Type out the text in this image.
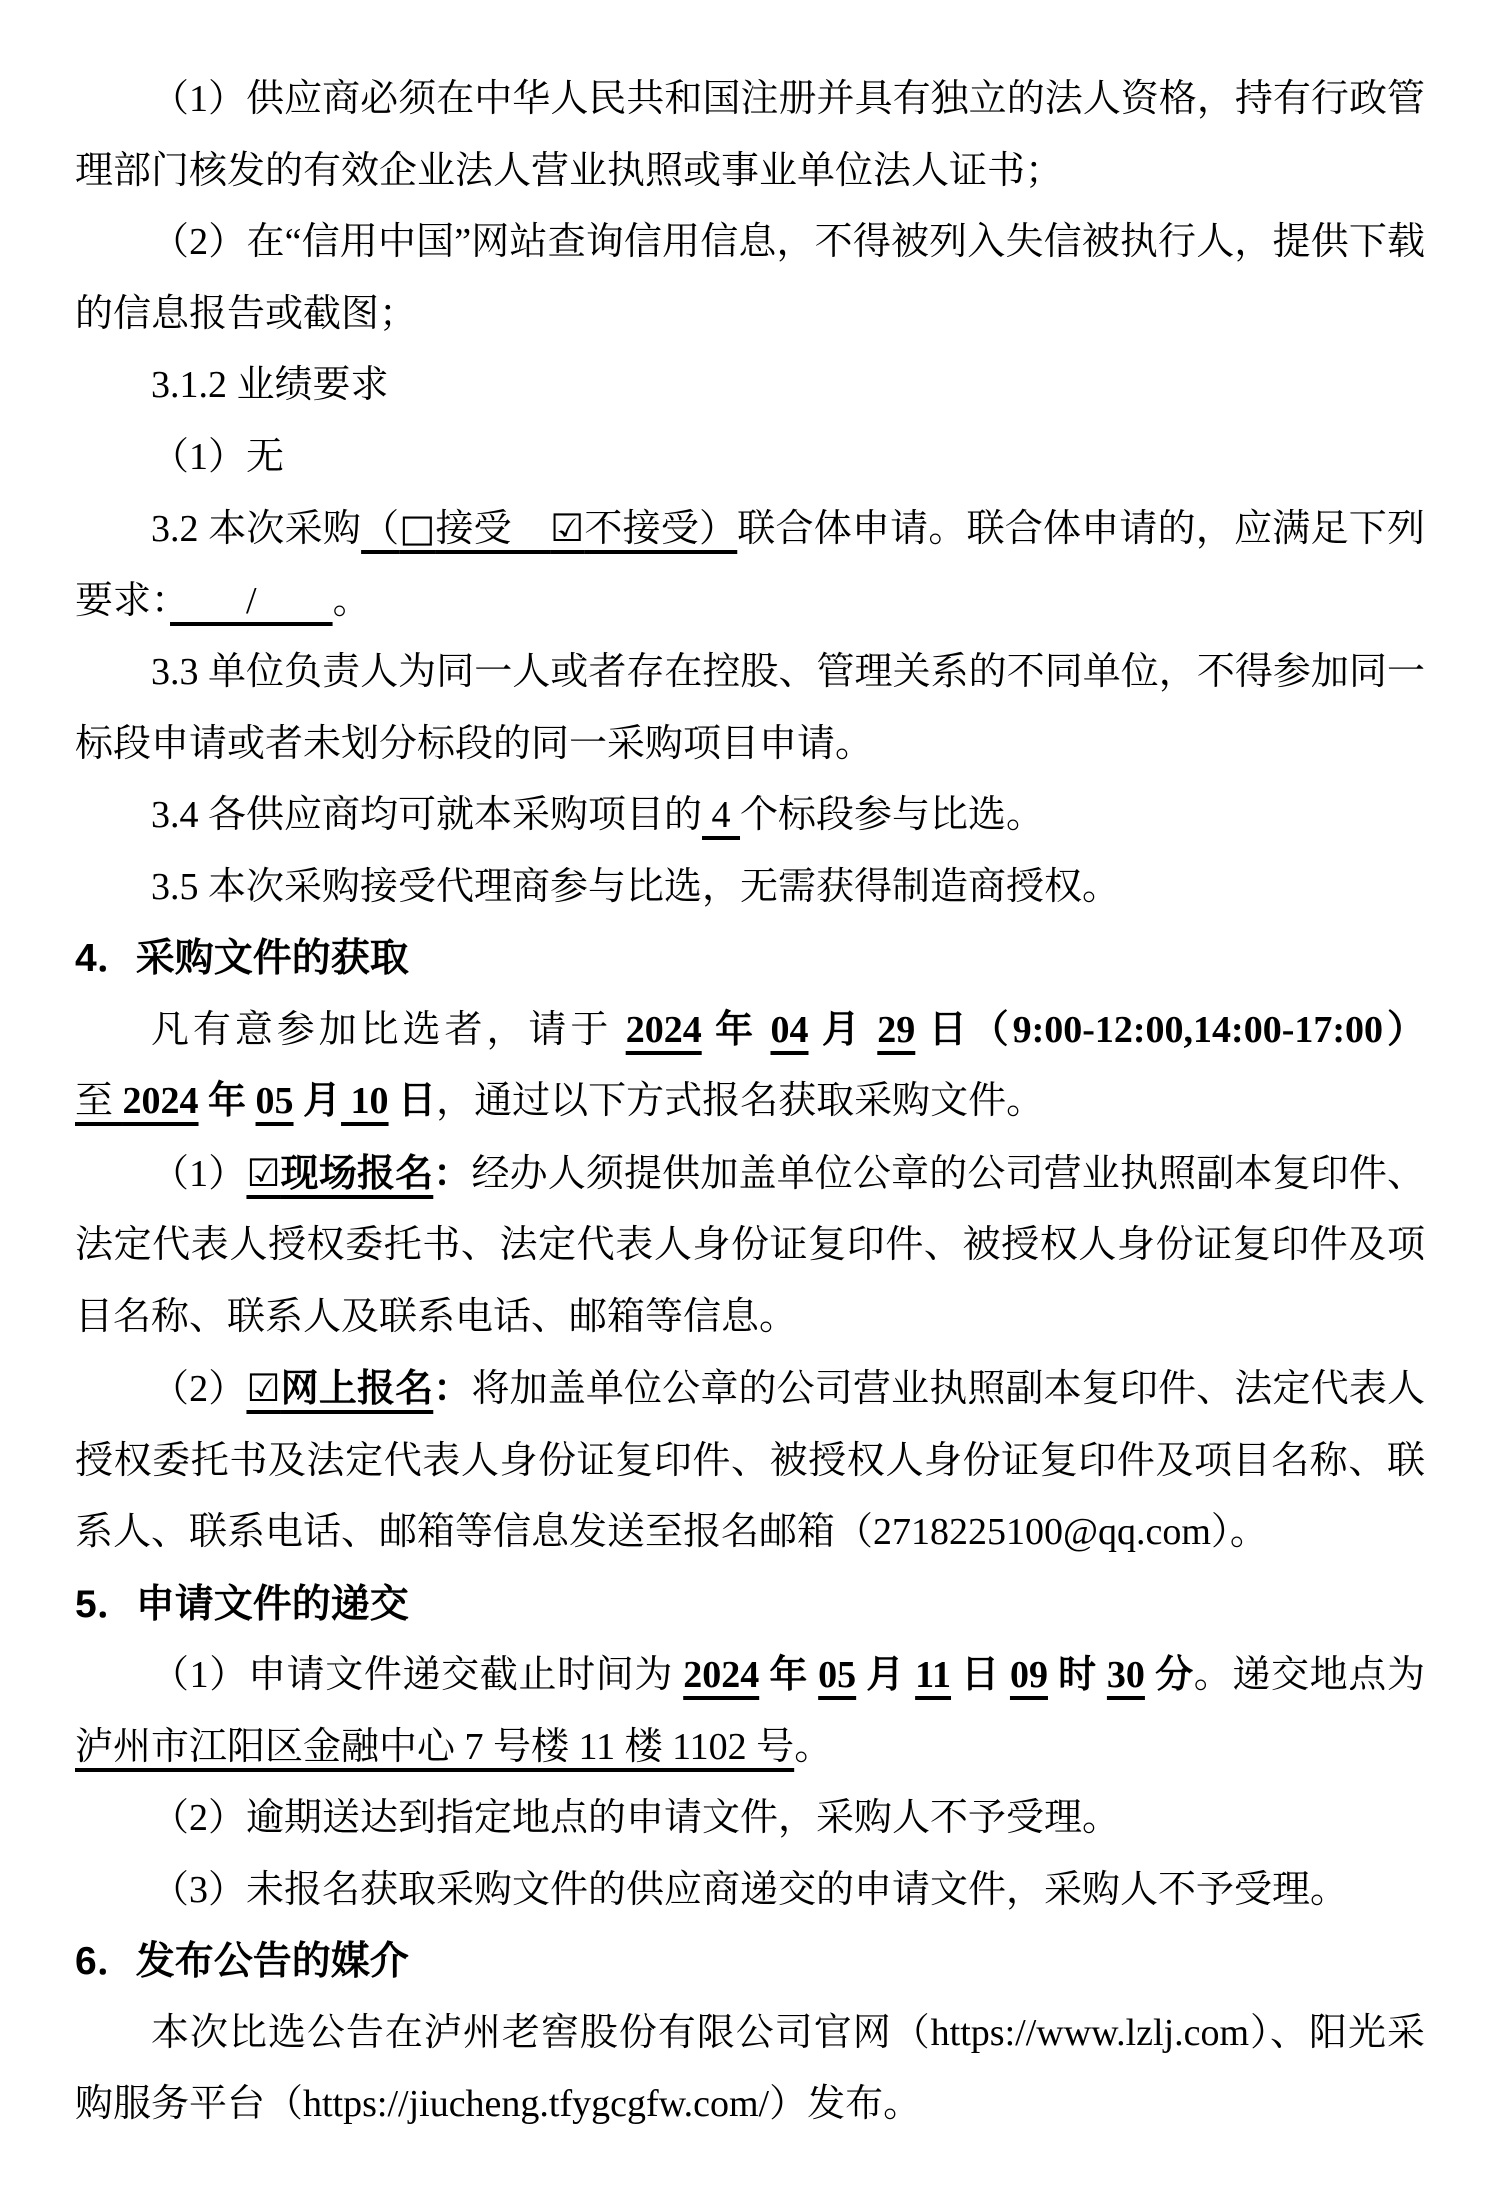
（1）供应商必须在中华人民共和国注册并具有独立的法人资格，持有行政管理部门核发的有效企业法人营业执照或事业单位法人证书；

（2）在“信用中国”网站查询信用信息，不得被列入失信被执行人，提供下载的信息报告或截图；

3.1.2 业绩要求

（1）无

3.2 本次采购（□接受　☑不接受）联合体申请。联合体申请的，应满足下列要求：　　/　　。

3.3 单位负责人为同一人或者存在控股、管理关系的不同单位，不得参加同一标段申请或者未划分标段的同一采购项目申请。

3.4 各供应商均可就本采购项目的 4 个标段参与比选。

3.5 本次采购接受代理商参与比选，无需获得制造商授权。

4．采购文件的获取

凡有意参加比选者，请于 2024 年 04 月 29 日（9:00-12:00,14:00-17:00）至 2024 年 05 月 10 日，通过以下方式报名获取采购文件。

（1）☑现场报名：经办人须提供加盖单位公章的公司营业执照副本复印件、法定代表人授权委托书、法定代表人身份证复印件、被授权人身份证复印件及项目名称、联系人及联系电话、邮箱等信息。

（2）☑网上报名：将加盖单位公章的公司营业执照副本复印件、法定代表人授权委托书及法定代表人身份证复印件、被授权人身份证复印件及项目名称、联系人、联系电话、邮箱等信息发送至报名邮箱（2718225100@qq.com）。

5．申请文件的递交

（1）申请文件递交截止时间为 2024 年 05 月 11 日 09 时 30 分。递交地点为泸州市江阳区金融中心 7 号楼 11 楼 1102 号。

（2）逾期送达到指定地点的申请文件，采购人不予受理。

（3）未报名获取采购文件的供应商递交的申请文件，采购人不予受理。

6．发布公告的媒介

本次比选公告在泸州老窖股份有限公司官网（https://www.lzlj.com）、阳光采购服务平台（https://jiucheng.tfygcgfw.com/）发布。
